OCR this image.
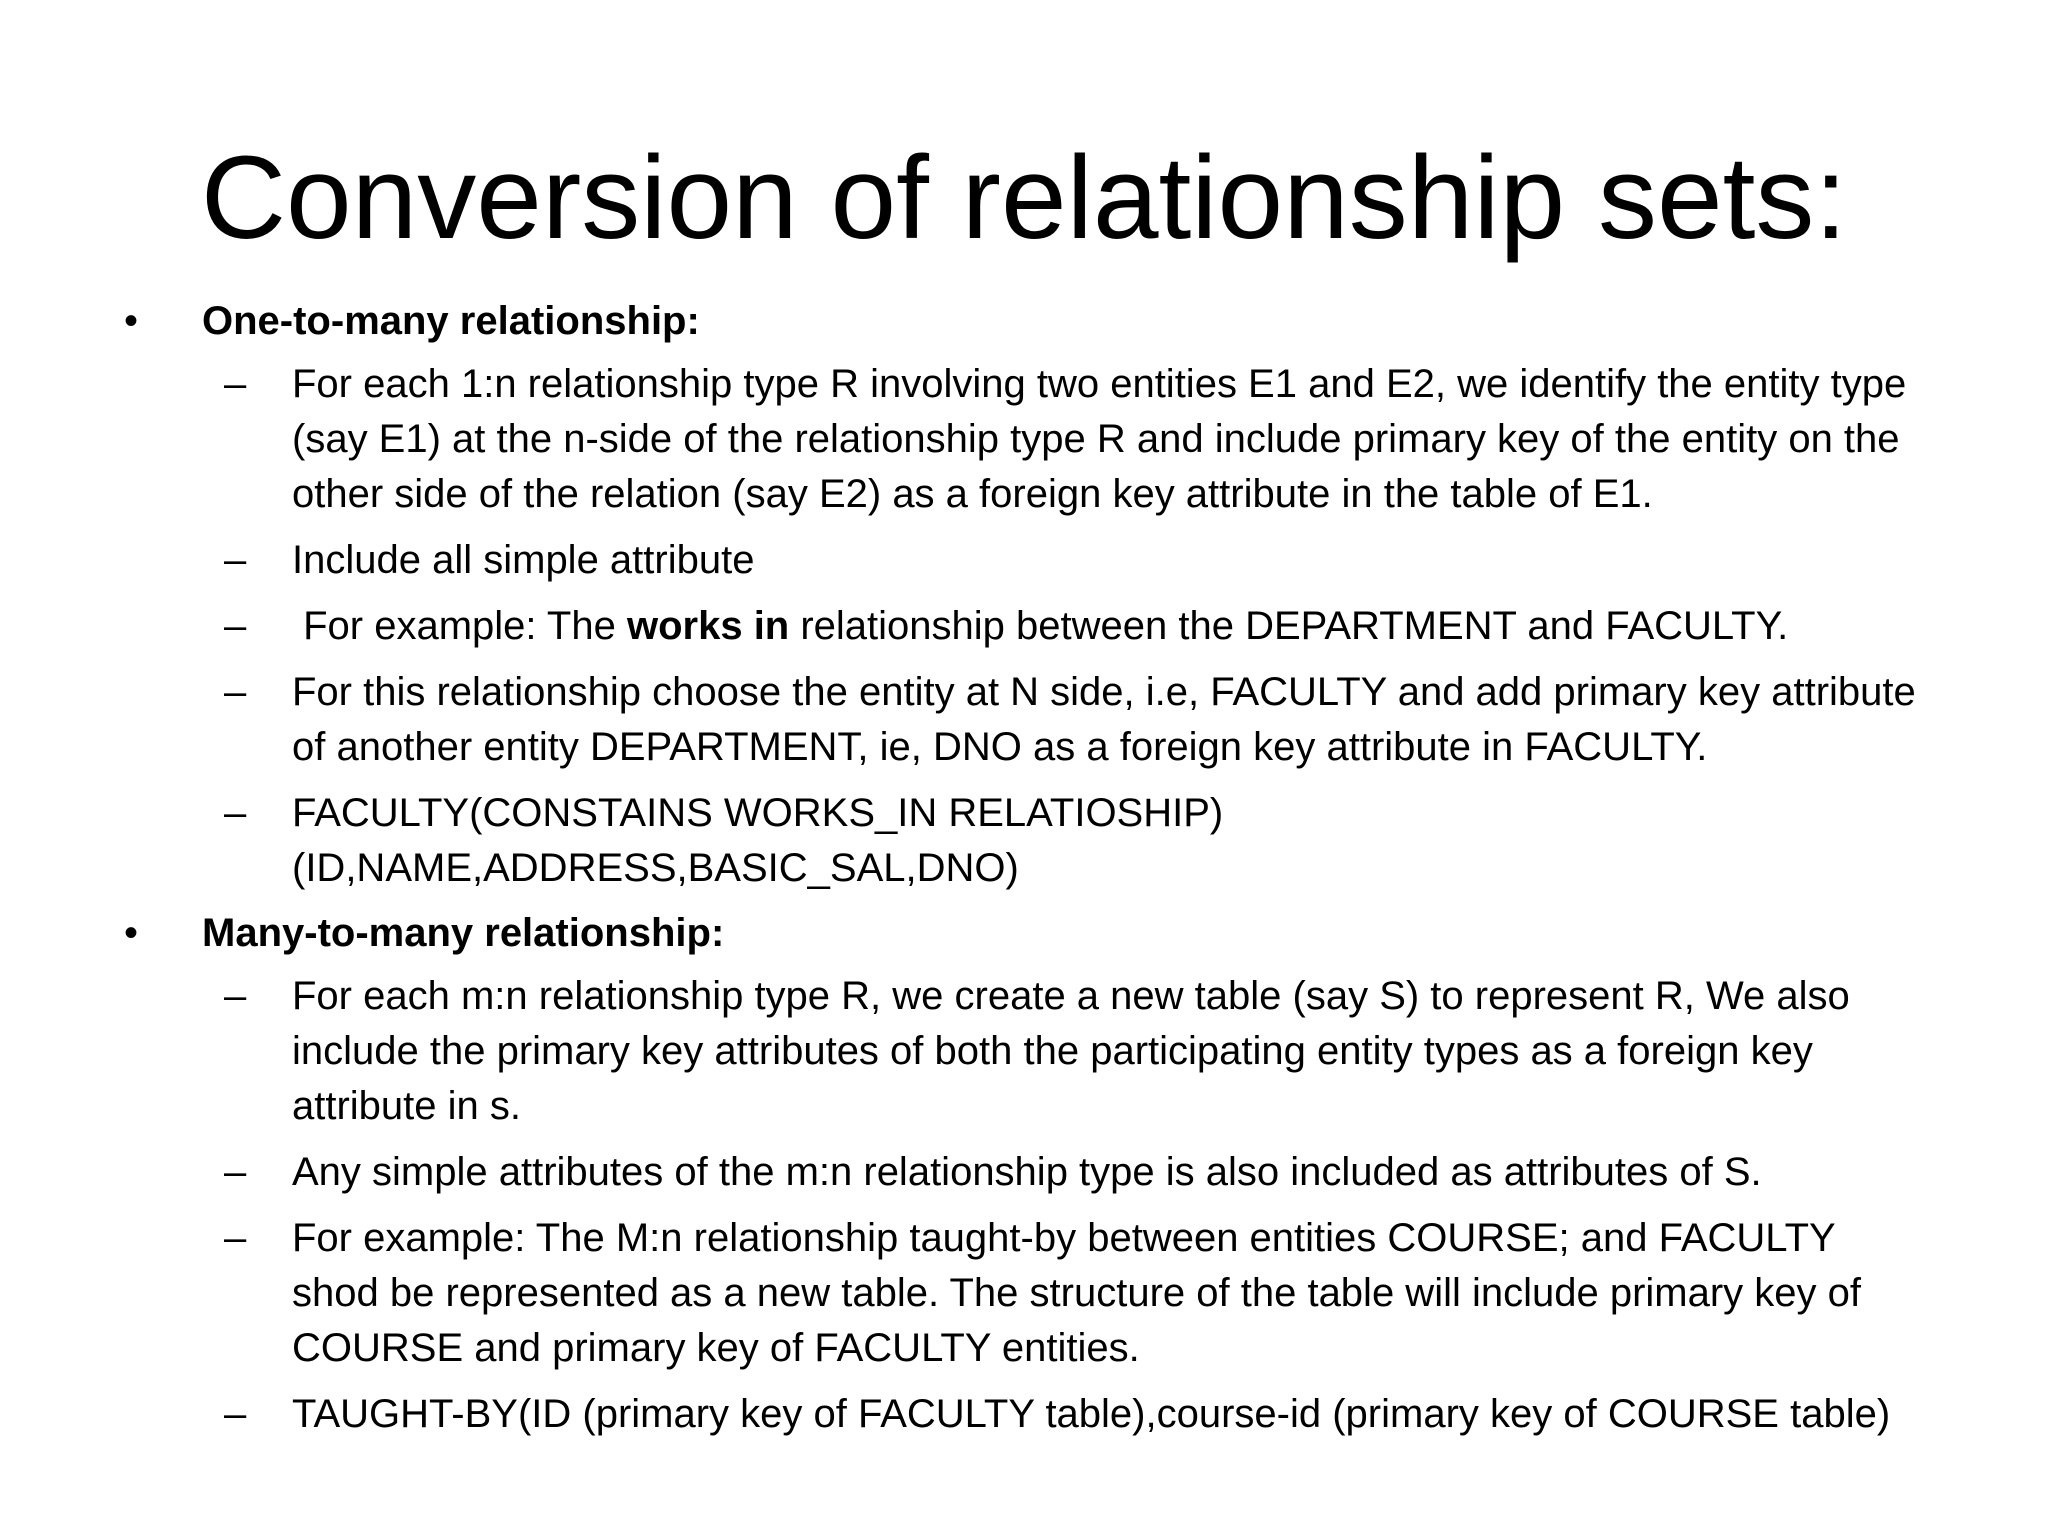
Conversion of relationship sets:
• One-to-many relationship:
– For each 1:n relationship type R involving two entities E1 and E2, we identify the entity type (say E1) at the n-side of the relationship type R and include primary key of the entity on the other side of the relation (say E2) as a foreign key attribute in the table of E1.
– Include all simple attribute
– For example: The works in relationship between the DEPARTMENT and FACULTY.
– For this relationship choose the entity at N side, i.e, FACULTY and add primary key attribute of another entity DEPARTMENT, ie, DNO as a foreign key attribute in FACULTY.
– FACULTY(CONSTAINS WORKS_IN RELATIOSHIP) (ID,NAME,ADDRESS,BASIC_SAL,DNO)
• Many-to-many relationship:
– For each m:n relationship type R, we create a new table (say S) to represent R, We also include the primary key attributes of both the participating entity types as a foreign key attribute in s.
– Any simple attributes of the m:n relationship type is also included as attributes of S.
– For example: The M:n relationship taught-by between entities COURSE; and FACULTY shod be represented as a new table. The structure of the table will include primary key of COURSE and primary key of FACULTY entities.
– TAUGHT-BY(ID (primary key of FACULTY table),course-id (primary key of COURSE table)
